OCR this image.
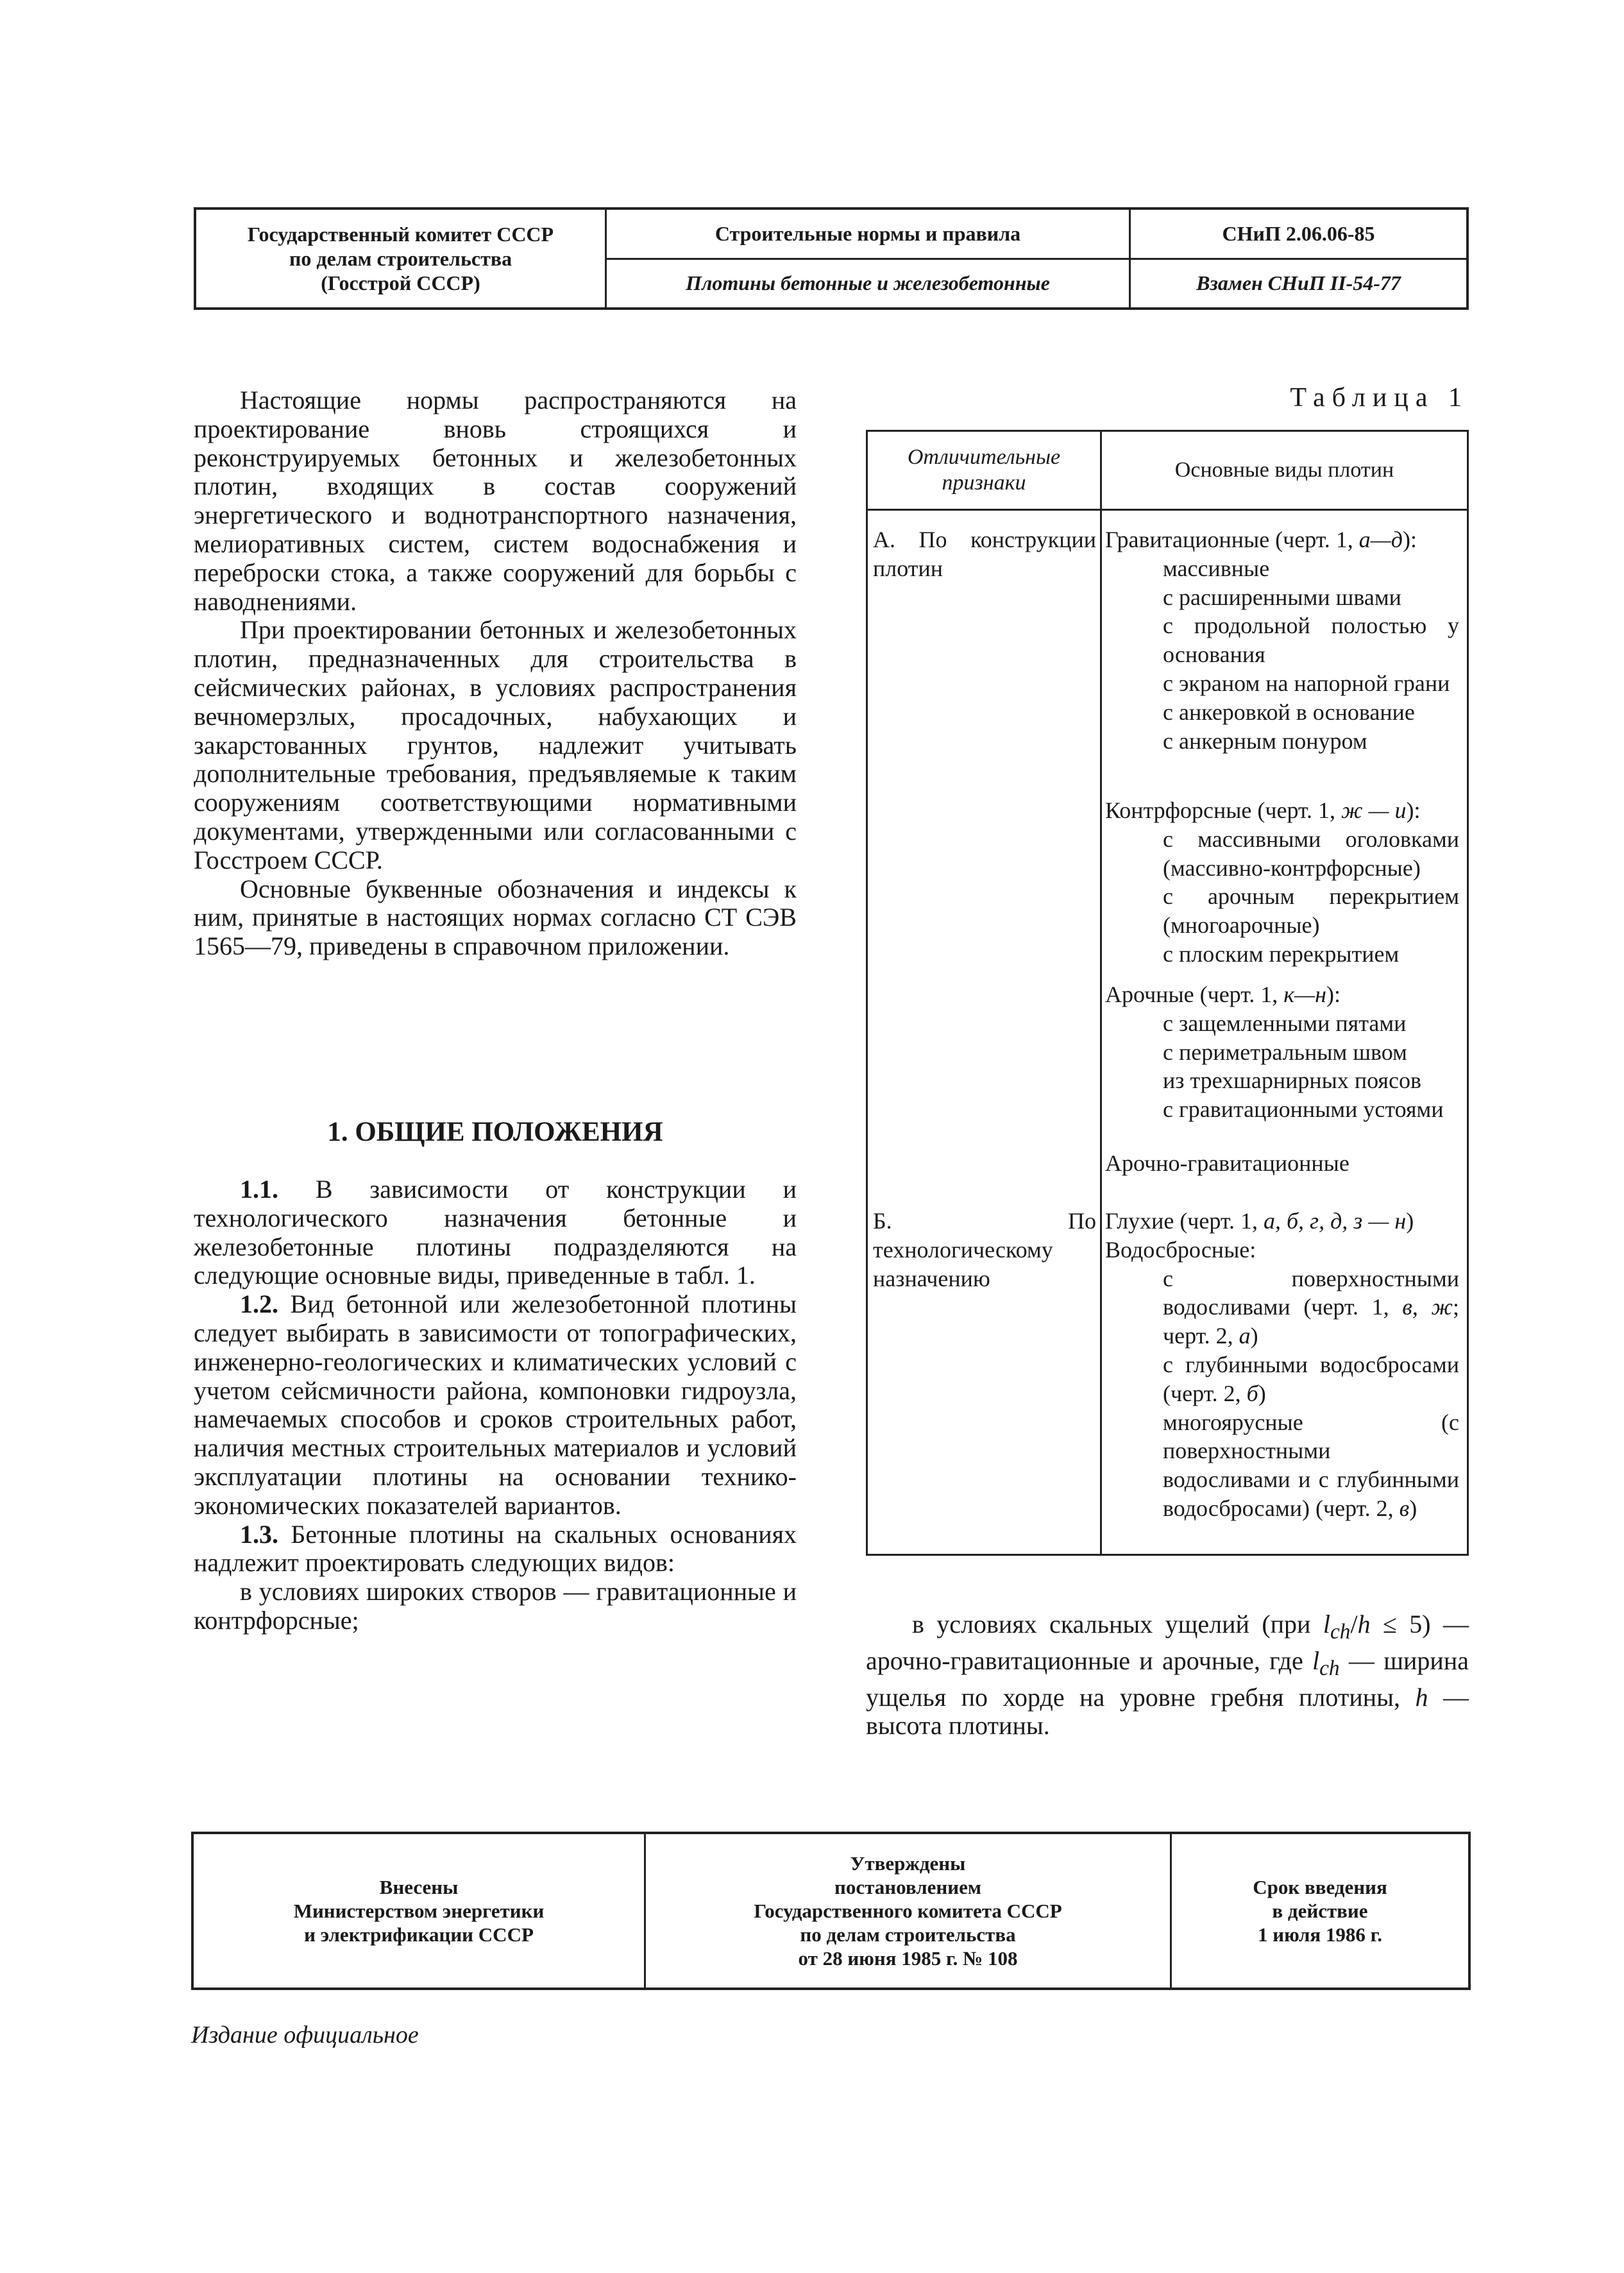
Государственный комитет СССР
по делам строительства
(Госстрой СССР)
Строительные нормы и правила	СНиП 2.06.06-85
Плотины бетонные и железобетонные	Взамен СНиП II-54-77

Настоящие нормы распространяются на проектирование вновь строящихся и реконструируемых бетонных и железобетонных плотин, входящих в состав сооружений энергетического и воднотранспортного назначения, мелиоративных систем, систем водоснабжения и переброски стока, а также сооружений для борьбы с наводнениями.

При проектировании бетонных и железобетонных плотин, предназначенных для строительства в сейсмических районах, в условиях распространения вечномерзлых, просадочных, набухающих и закарстованных грунтов, надлежит учитывать дополнительные требования, предъявляемые к таким сооружениям соответствующими нормативными документами, утвержденными или согласованными с Госстроем СССР.

Основные буквенные обозначения и индексы к ним, принятые в настоящих нормах согласно СТ СЭВ 1565—79, приведены в справочном приложении.

1. ОБЩИЕ ПОЛОЖЕНИЯ

1.1. В зависимости от конструкции и технологического назначения бетонные и железобетонные плотины подразделяются на следующие основные виды, приведенные в табл. 1.

1.2. Вид бетонной или железобетонной плотины следует выбирать в зависимости от топографических, инженерно-геологических и климатических условий с учетом сейсмичности района, компоновки гидроузла, намечаемых способов и сроков строительных работ, наличия местных строительных материалов и условий эксплуатации плотины на основании технико-экономических показателей вариантов.

1.3. Бетонные плотины на скальных основаниях надлежит проектировать следующих видов:

в условиях широких створов — гравитационные и контрфорсные;

Таблица 1
Отличительные признаки
Основные виды плотин
А. По конструкции плотин
Б. По технологическому назначению
Гравитационные (черт. 1, а—д):
массивные
с расширенными швами
с продольной полостью у основания
с экраном на напорной грани
с анкеровкой в основание
с анкерным понуром
Контрфорсные (черт. 1, ж — и):
с массивными оголовками (массивно-контрфорсные)
с арочным перекрытием (многоарочные)
с плоским перекрытием
Арочные (черт. 1, к—н):
с защемленными пятами
с периметральным швом
из трехшарнирных поясов
с гравитационными устоями
Арочно-гравитационные
Глухие (черт. 1, а, б, г, д, з — н)
Водосбросные:
с поверхностными водосливами (черт. 1, в, ж; черт. 2, а)
с глубинными водосбросами (черт. 2, б)
многоярусные (с поверхностными водосливами и с глубинными водосбросами) (черт. 2, в)

в условиях скальных ущелий (при $l_{ch}/h \le 5$) — арочно-гравитационные и арочные, где $l_{ch}$ — ширина ущелья по хорде на уровне гребня плотины, h — высота плотины.

Внесены
Министерством энергетики
и электрификации СССР
Утверждены
постановлением
Государственного комитета СССР
по делам строительства
от 28 июня 1985 г. № 108
Срок введения
в действие
1 июля 1986 г.
Издание официальное
